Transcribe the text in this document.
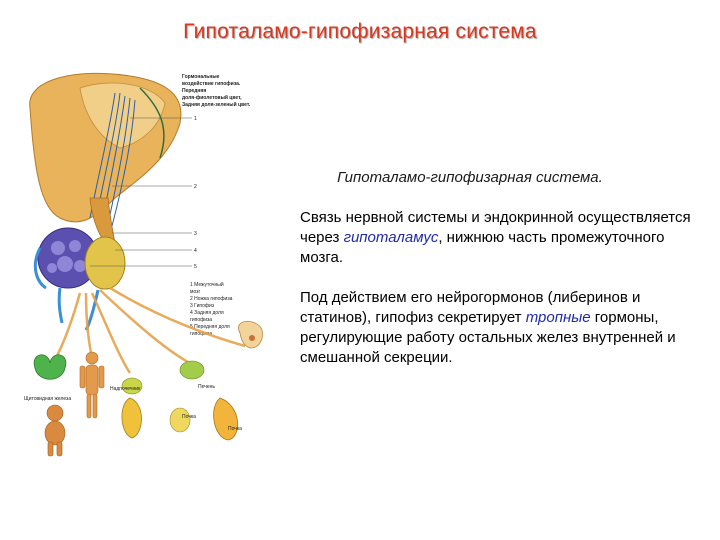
Гипоталамо-гипофизарная система
Гормональные
воздействие гипофиза.
Передняя
доля-фиолетовый цвет,
Задняя доля-зеленый цвет.
1
2
3
4
5
1 Межуточный
мозг
2 Ножка гипофиза
3 Гипофиз
4 Задняя доля
гипофиза
5 Передняя доля
гипофиза
Щитовидная железа
Надпочечник	Печень
Почка
Почка
Гипоталамо-гипофизарная система.

Связь нервной системы и эндокринной осуществляется через гипоталамус, нижнюю часть промежуточного мозга.

Под действием его нейрогормонов (либеринов и статинов), гипофиз секретирует тропные гормоны, регулирующие работу остальных желез внутренней и смешанной секреции.
